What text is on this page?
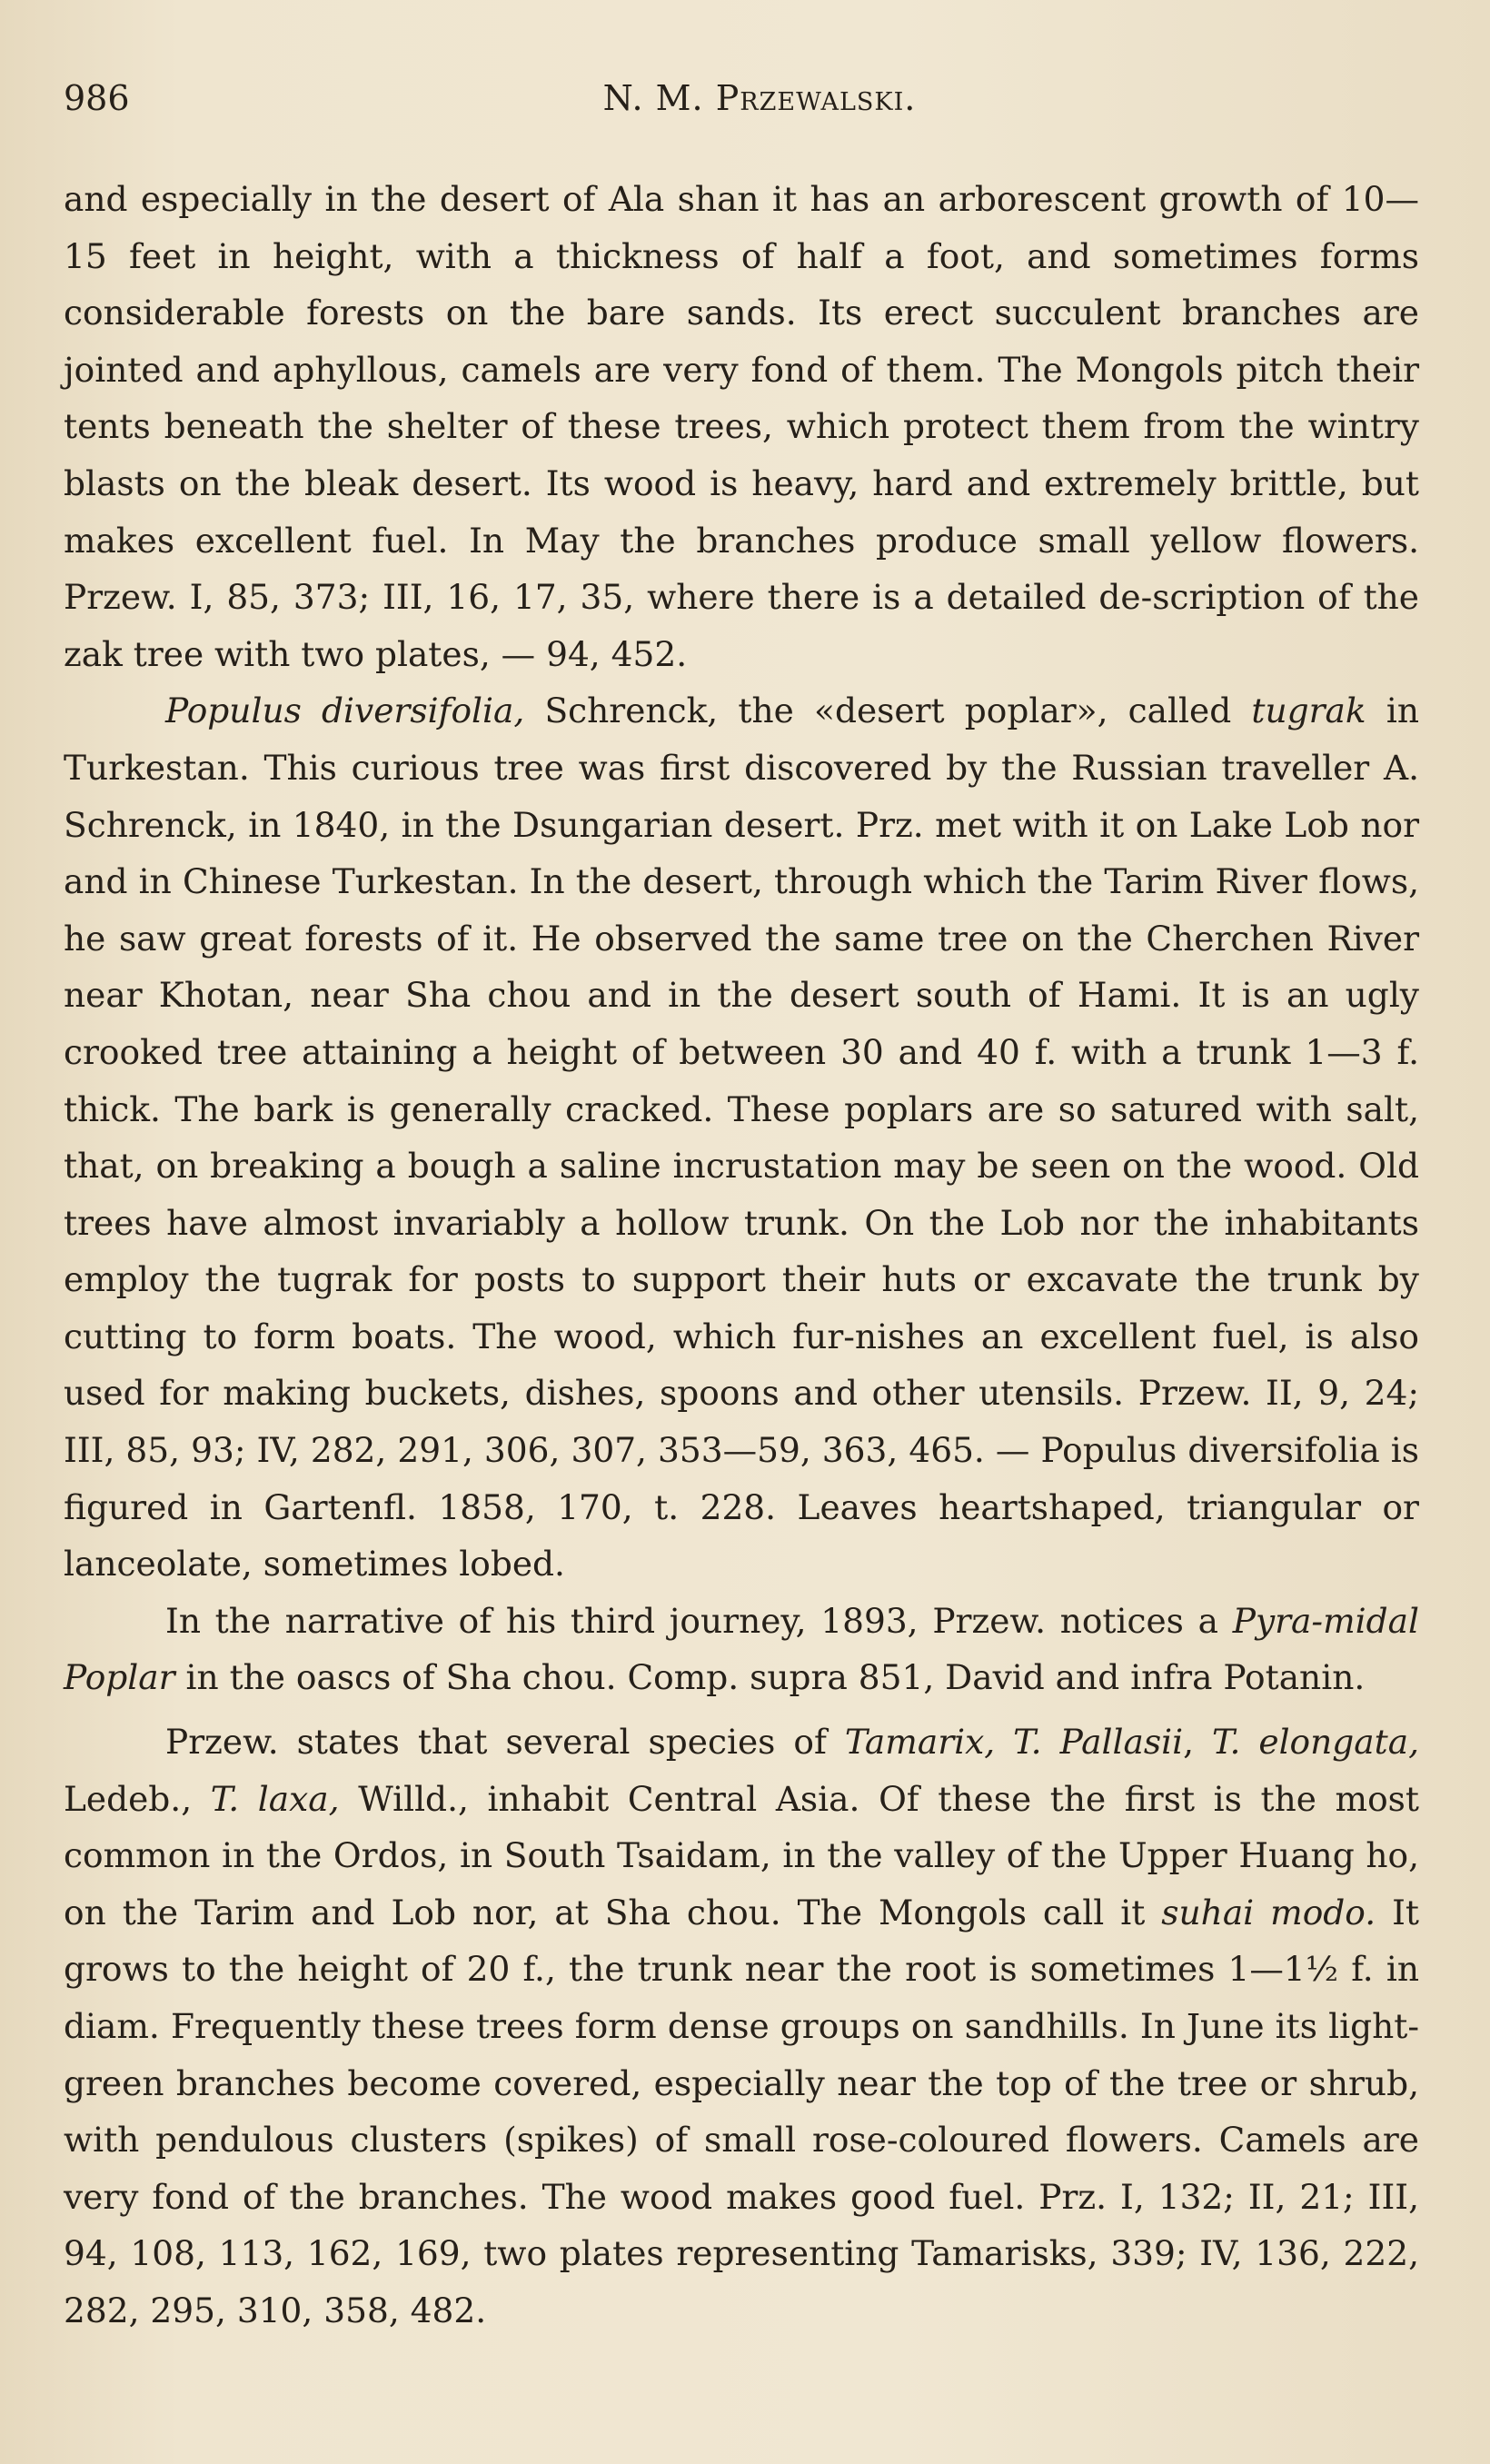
986	N. M. Przewalski.

and especially in the desert of Ala shan it has an arborescent growth of 10—15 feet in height, with a thickness of half a foot, and sometimes forms considerable forests on the bare sands. Its erect succulent branches are jointed and aphyllous, camels are very fond of them. The Mongols pitch their tents beneath the shelter of these trees, which protect them from the wintry blasts on the bleak desert. Its wood is heavy, hard and extremely brittle, but makes excellent fuel. In May the branches produce small yellow flowers. Przew. I, 85, 373; III, 16, 17, 35, where there is a detailed de-scription of the zak tree with two plates, — 94, 452.

Populus diversifolia, Schrenck, the «desert poplar», called tugrak in Turkestan. This curious tree was first discovered by the Russian traveller A. Schrenck, in 1840, in the Dsungarian desert. Prz. met with it on Lake Lob nor and in Chinese Turkestan. In the desert, through which the Tarim River flows, he saw great forests of it. He observed the same tree on the Cherchen River near Khotan, near Sha chou and in the desert south of Hami. It is an ugly crooked tree attaining a height of between 30 and 40 f. with a trunk 1—3 f. thick. The bark is generally cracked. These poplars are so satured with salt, that, on breaking a bough a saline incrustation may be seen on the wood. Old trees have almost invariably a hollow trunk. On the Lob nor the inhabitants employ the tugrak for posts to support their huts or excavate the trunk by cutting to form boats. The wood, which fur-nishes an excellent fuel, is also used for making buckets, dishes, spoons and other utensils. Przew. II, 9, 24; III, 85, 93; IV, 282, 291, 306, 307, 353—59, 363, 465. — Populus diversifolia is figured in Gartenfl. 1858, 170, t. 228. Leaves heartshaped, triangular or lanceolate, sometimes lobed.

In the narrative of his third journey, 1893, Przew. notices a Pyra-midal Poplar in the oascs of Sha chou. Comp. supra 851, David and infra Potanin.

Przew. states that several species of Tamarix, T. Pallasii, T. elongata, Ledeb., T. laxa, Willd., inhabit Central Asia. Of these the first is the most common in the Ordos, in South Tsaidam, in the valley of the Upper Huang ho, on the Tarim and Lob nor, at Sha chou. The Mongols call it suhai modo. It grows to the height of 20 f., the trunk near the root is sometimes 1—1½ f. in diam. Frequently these trees form dense groups on sandhills. In June its light-green branches become covered, especially near the top of the tree or shrub, with pendulous clusters (spikes) of small rose-coloured flowers. Camels are very fond of the branches. The wood makes good fuel. Prz. I, 132; II, 21; III, 94, 108, 113, 162, 169, two plates representing Tamarisks, 339; IV, 136, 222, 282, 295, 310, 358, 482.
